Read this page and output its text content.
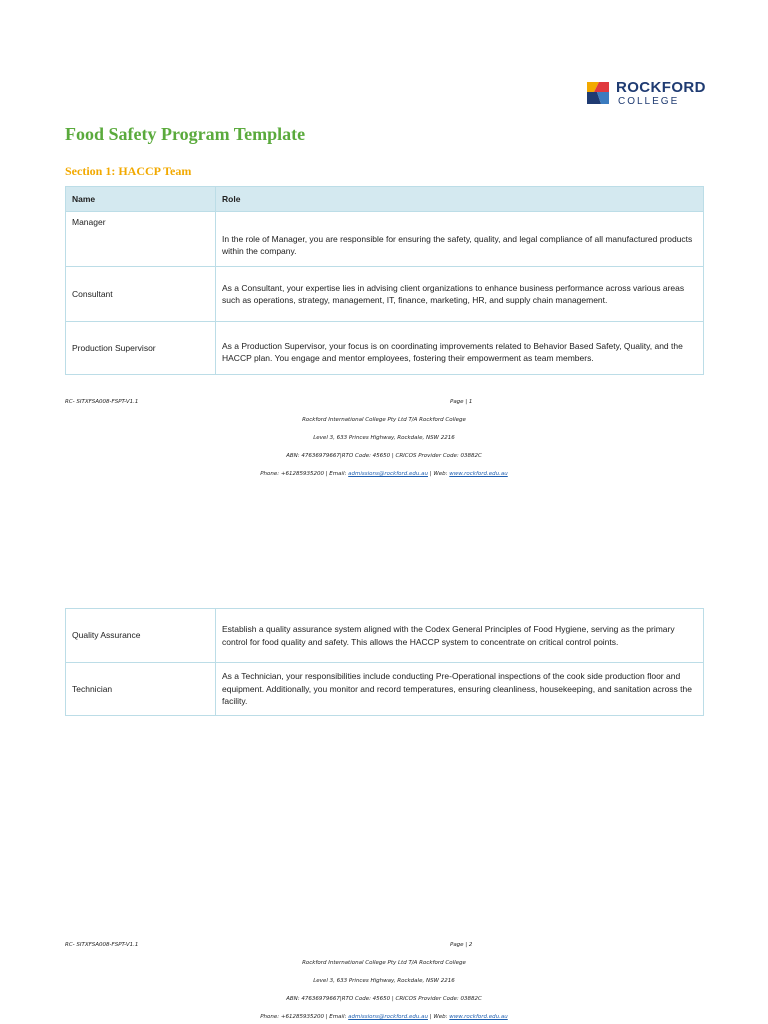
ROCKFORD
COLLEGE
Food Safety Program Template
Section 1: HACCP Team
Name	Role
Manager	In the role of Manager, you are responsible for ensuring the safety, quality, and legal compliance of all manufactured products within the company.
Consultant	As a Consultant, your expertise lies in advising client organizations to enhance business performance across various areas such as operations, strategy, management, IT, finance, marketing, HR, and supply chain management.
Production Supervisor	As a Production Supervisor, your focus is on coordinating improvements related to Behavior Based Safety, Quality, and the HACCP plan. You engage and mentor employees, fostering their empowerment as team members.
RC- SITXFSA008-FSPT-V1.1	Page | 1
Rockford International College Pty Ltd T/A Rockford College
Level 3, 633 Princes Highway, Rockdale, NSW 2216
ABN: 47636979667|RTO Code: 45650 | CRICOS Provider Code: 03882C
Phone: +61285935200 | Email: admissions@rockford.edu.au | Web: www.rockford.edu.au
Quality Assurance	Establish a quality assurance system aligned with the Codex General Principles of Food Hygiene, serving as the primary control for food quality and safety. This allows the HACCP system to concentrate on critical control points.
Technician	As a Technician, your responsibilities include conducting Pre-Operational inspections of the cook side production floor and equipment. Additionally, you monitor and record temperatures, ensuring cleanliness, housekeeping, and sanitation across the facility.
RC- SITXFSA008-FSPT-V1.1	Page | 2
Rockford International College Pty Ltd T/A Rockford College
Level 3, 633 Princes Highway, Rockdale, NSW 2216
ABN: 47636979667|RTO Code: 45650 | CRICOS Provider Code: 03882C
Phone: +61285935200 | Email: admissions@rockford.edu.au | Web: www.rockford.edu.au
